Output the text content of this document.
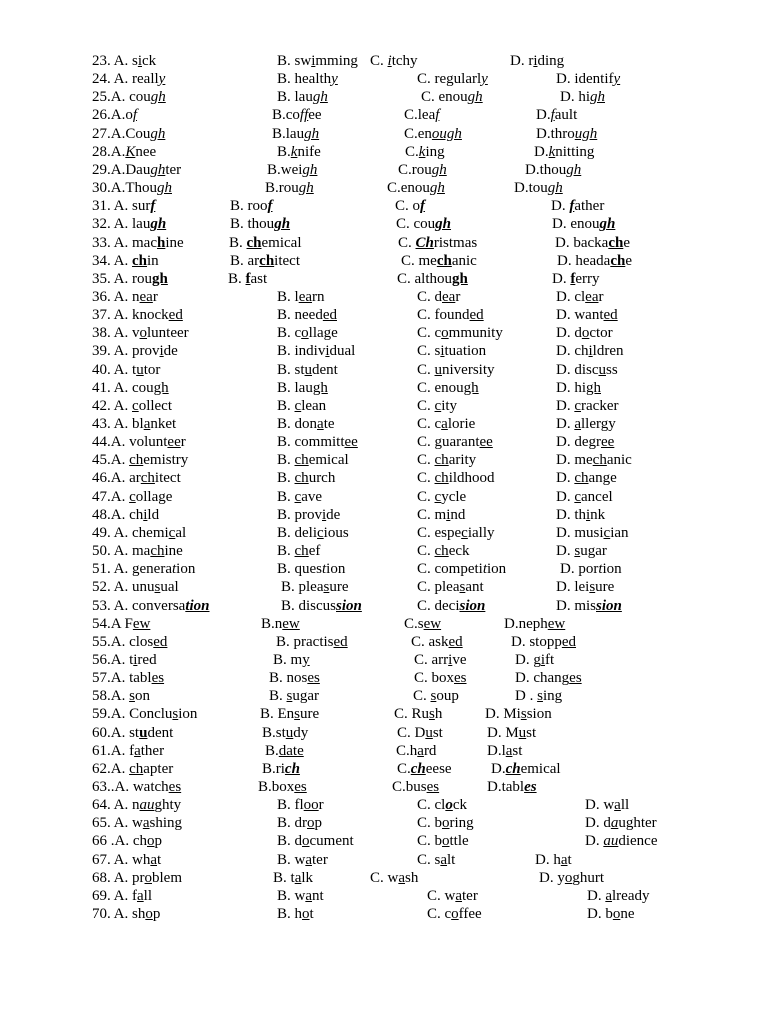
23. A. sick	B. swimming C. itchy	D. riding
24. A. really	B. healthy	C. regularly	D. identify
25.A. cough	B. laugh	C. enough	D. high
26.A.of	B.coffee	C.leaf	D.fault
27.A.Cough	B.laugh	C.enough	D.through
28.A.Knee	B.knife	C.king	D.knitting
29.A.Daughter	B.weigh	C.rough	D.though
30.A.Though	B.rough	C.enough	D.tough
31. A. surf	B. roof	C. of	D. father
32. A. laugh	B. though	C. cough	D. enough
33. A. machine	B. chemical	C. Christmas	D. backache
34. A. chin	B. architect	C. mechanic	D. headache
35. A. rough	B. fast	C. although	D. ferry
36. A. near	B. learn	C. dear	D. clear
37. A. knocked	B. needed	C. founded	D. wanted
38. A. volunteer	B. collage	C. community	D. doctor
39. A. provide	B. individual	C. situation	D. children
40. A. tutor	B. student	C. university	D. discuss
41. A. cough	B. laugh	C. enough	D. high
42. A. collect	B. clean	C. city	D. cracker
43. A. blanket	B. donate	C. calorie	D. allergy
44.A. volunteer	B. committee	C. guarantee	D. degree
45.A. chemistry	B. chemical	C. charity	D. mechanic
46.A. architect	B. church	C. childhood	D. change
47.A. collage	B. cave	C. cycle	D. cancel
48.A. child	B. provide	C. mind	D. think
49. A. chemical	B. delicious	C. especially	D. musician
50. A. machine	B. chef	C. check	D. sugar
51. A. generation	B. question	C. competition	D. portion
52. A. unusual	B. pleasure	C. pleasant	D. leisure
53. A. conversation	B. discussion	C. decision	D. mission
54.A Few	B.new	C.sew	D.nephew
55.A. closed	B. practised	C. asked	D. stopped
56.A. tired	B. my	C. arrive	D. gift
57.A. tables	B. noses	C. boxes	D. changes
58.A. son	B. sugar	C. soup	D . sing
59.A. Conclusion	B. Ensure	C. Rush	D. Mission
60.A. student	B.study	C. Dust	D. Must
61.A. father	B.date	C.hard	D.last
62.A. chapter	B.rich	C.cheese	D.chemical
63..A. watches	B.boxes	C.buses	D.tables
64. A. naughty	B. floor	C. clock	D. wall
65. A. washing	B. drop	C. boring	D. daughter
66 .A. chop	B. document	C. bottle	D. audience
67. A. what	B. water	C. salt	D. hat
68. A. problem	B. talk	C. wash	D. yoghurt
69. A. fall	B. want	C. water	D. already
70. A. shop	B. hot	C. coffee	D. bone
